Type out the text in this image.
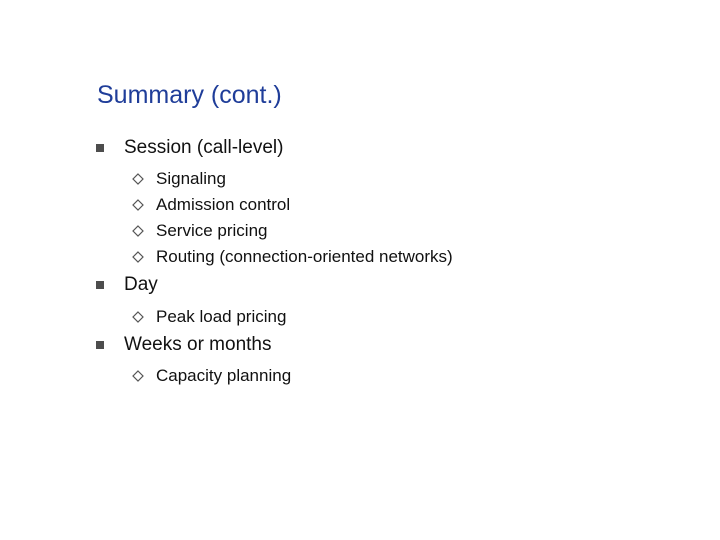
Summary (cont.)
Session (call-level)
Signaling
Admission control
Service pricing
Routing (connection-oriented networks)
Day
Peak load pricing
Weeks or months
Capacity planning
